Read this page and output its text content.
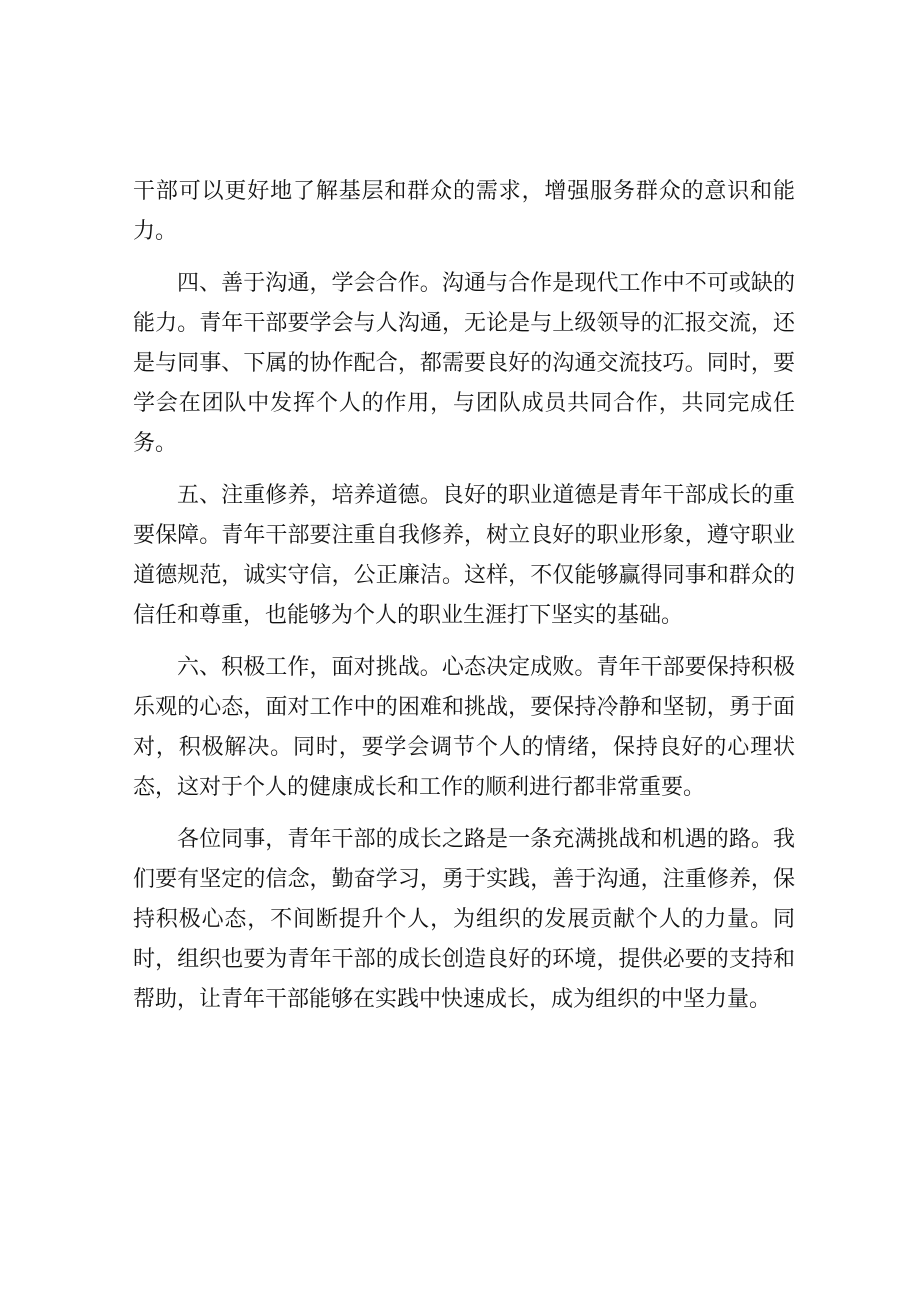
干部可以更好地了解基层和群众的需求，增强服务群众的意识和能力。

四、善于沟通，学会合作。沟通与合作是现代工作中不可或缺的能力。青年干部要学会与人沟通，无论是与上级领导的汇报交流，还是与同事、下属的协作配合，都需要良好的沟通交流技巧。同时，要学会在团队中发挥个人的作用，与团队成员共同合作，共同完成任务。

五、注重修养，培养道德。良好的职业道德是青年干部成长的重要保障。青年干部要注重自我修养，树立良好的职业形象，遵守职业道德规范，诚实守信，公正廉洁。这样，不仅能够赢得同事和群众的信任和尊重，也能够为个人的职业生涯打下坚实的基础。

六、积极工作，面对挑战。心态决定成败。青年干部要保持积极乐观的心态，面对工作中的困难和挑战，要保持冷静和坚韧，勇于面对，积极解决。同时，要学会调节个人的情绪，保持良好的心理状态，这对于个人的健康成长和工作的顺利进行都非常重要。

各位同事，青年干部的成长之路是一条充满挑战和机遇的路。我们要有坚定的信念，勤奋学习，勇于实践，善于沟通，注重修养，保持积极心态，不间断提升个人，为组织的发展贡献个人的力量。同时，组织也要为青年干部的成长创造良好的环境，提供必要的支持和帮助，让青年干部能够在实践中快速成长，成为组织的中坚力量。
